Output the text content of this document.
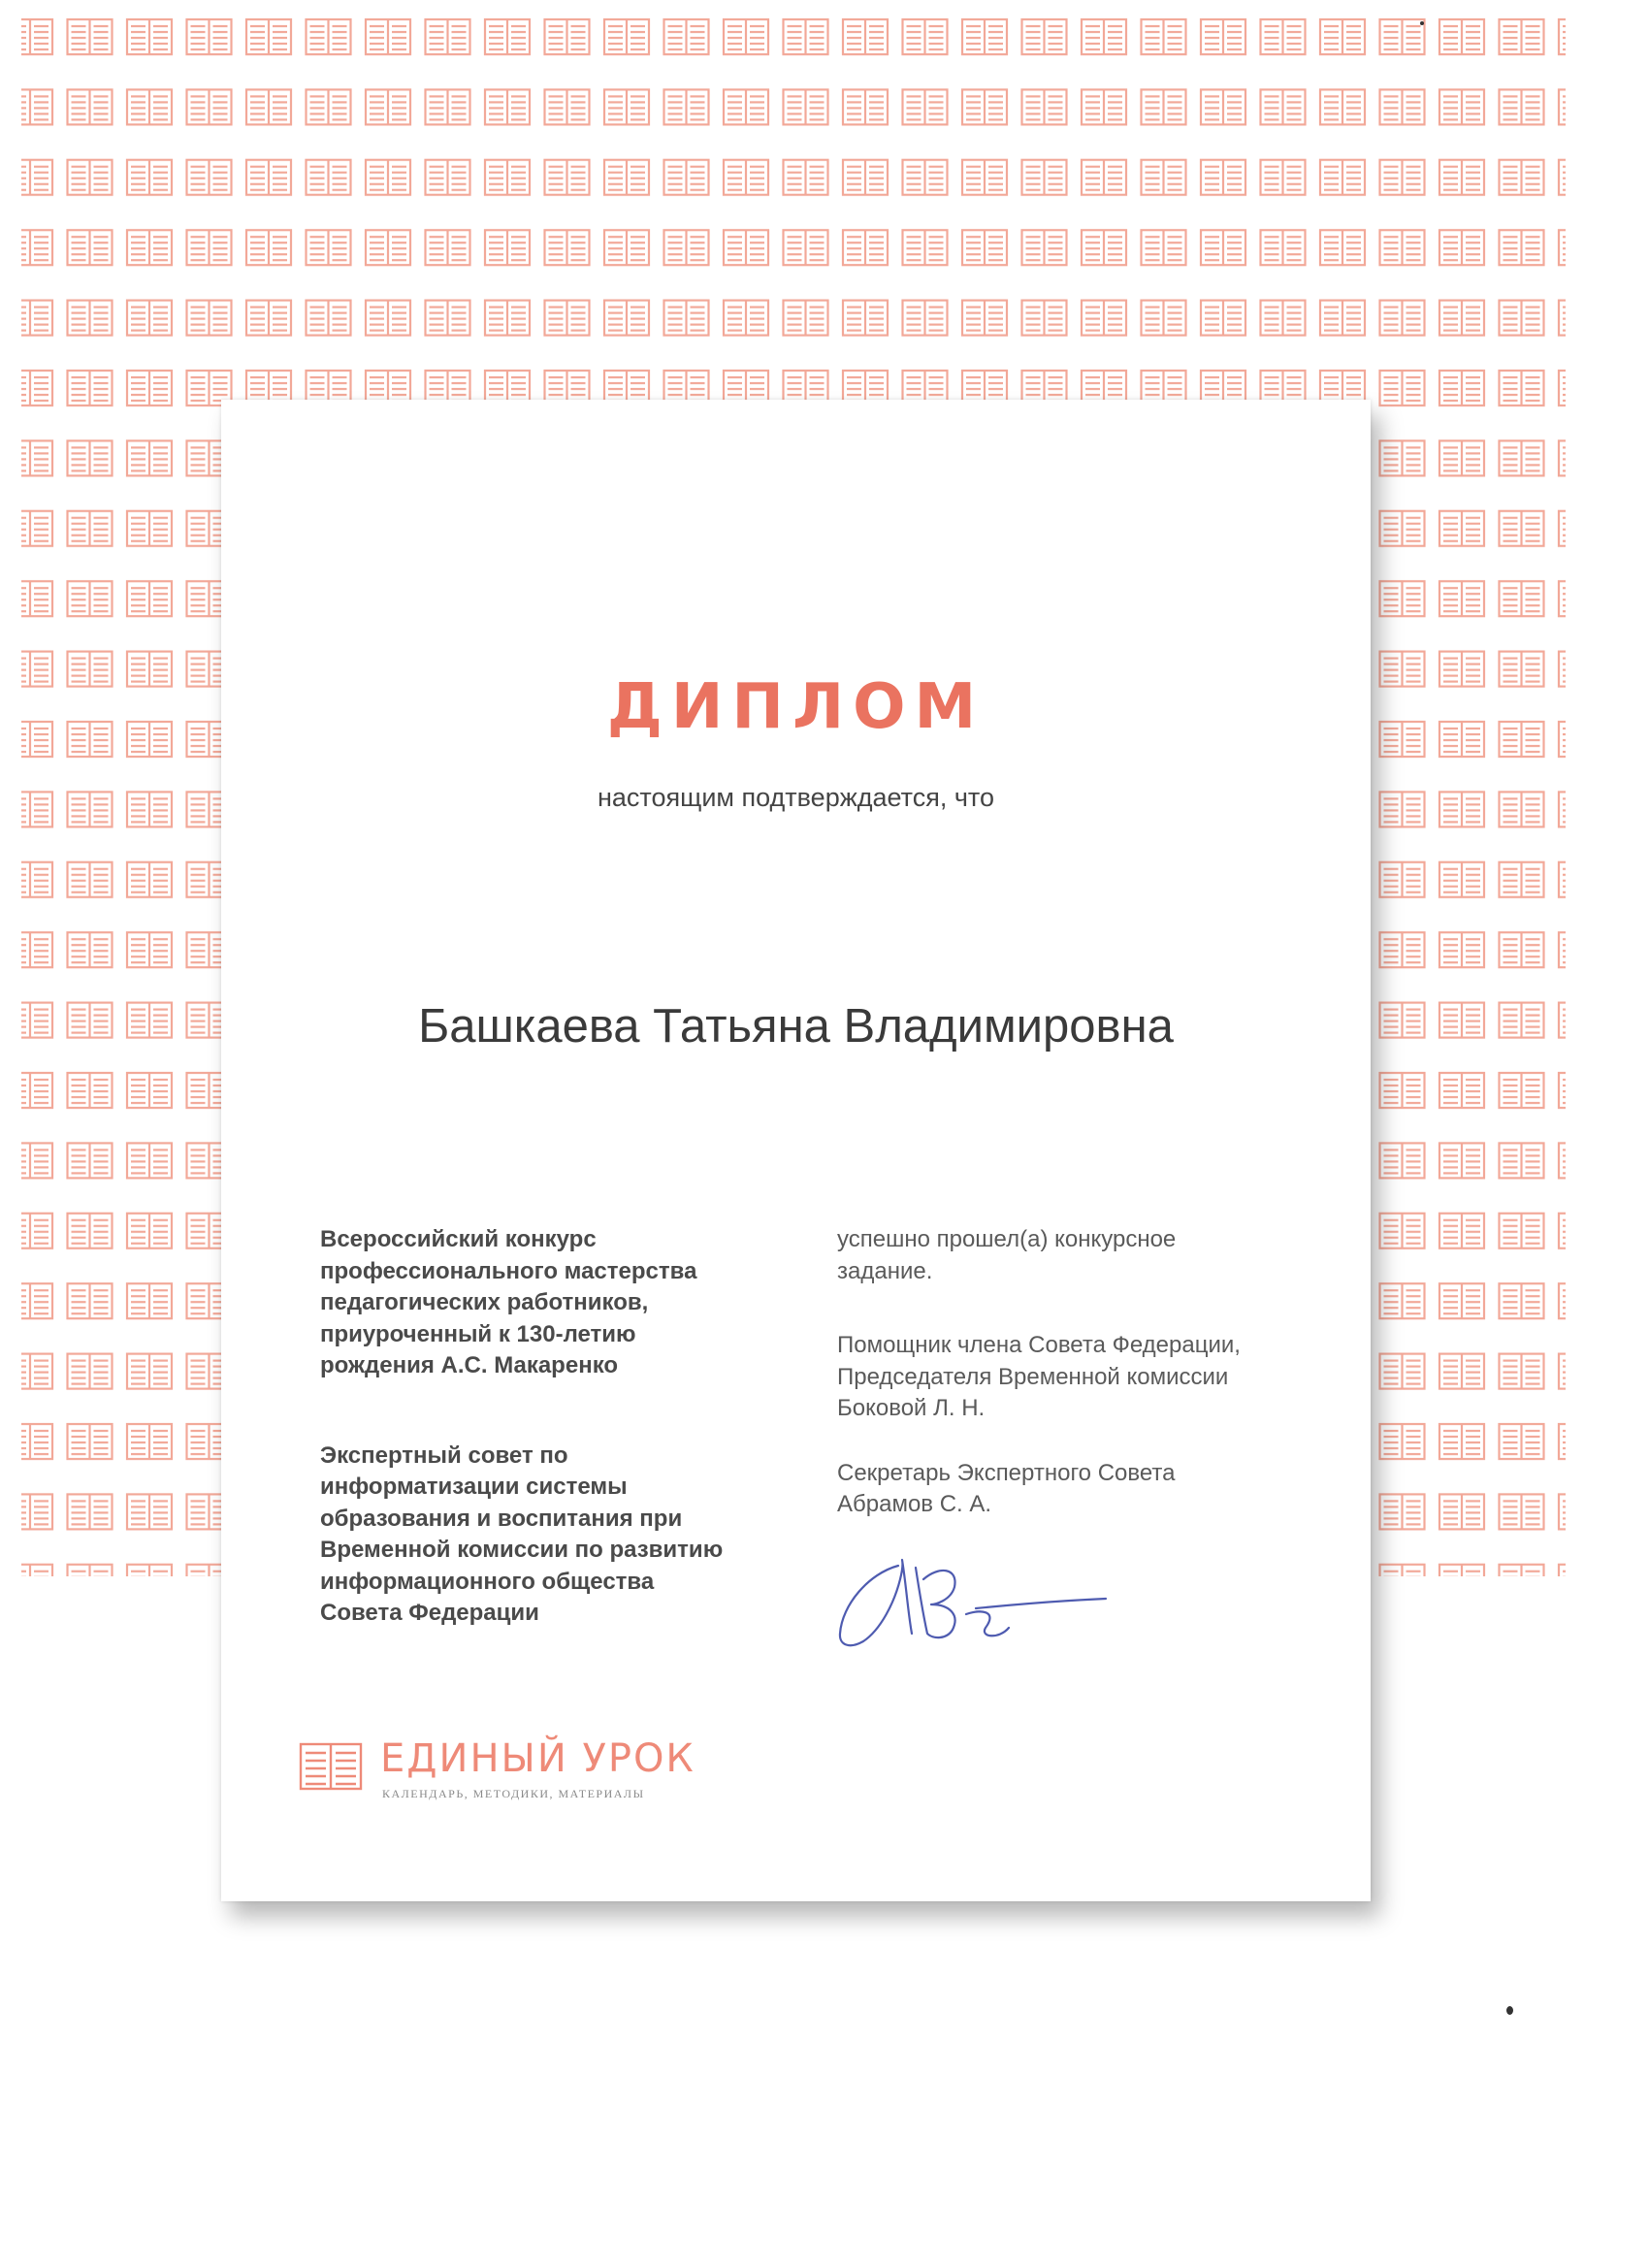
ДИПЛОМ
настоящим подтверждается, что
Башкаева Татьяна Владимировна
Всероссийский конкурс
профессионального мастерства
педагогических работников,
приуроченный к 130-летию
рождения А.С. Макаренко
Экспертный совет по
информатизации системы
образования и воспитания при
Временной комиссии по развитию
информационного общества
Совета Федерации
успешно прошел(а) конкурсное
задание.
Помощник члена Совета Федерации,
Председателя Временной комиссии
Боковой Л. Н.
Секретарь Экспертного Совета
Абрамов С. А.
ЕДИНЫЙ УРОК
КАЛЕНДАРЬ, МЕТОДИКИ, МАТЕРИАЛЫ
